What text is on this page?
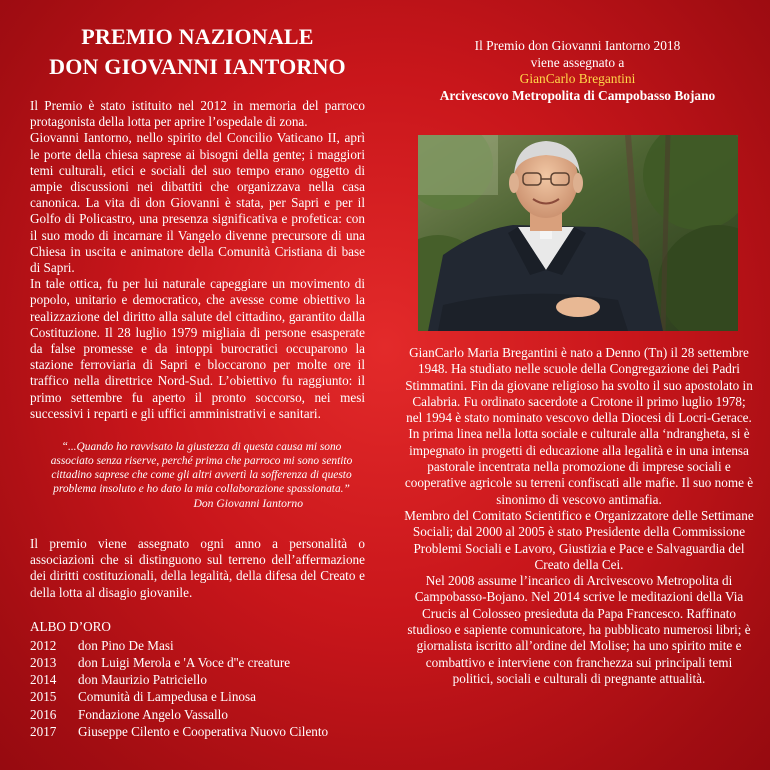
PREMIO NAZIONALE
DON GIOVANNI IANTORNO

Il Premio è stato istituito nel 2012 in memoria del parroco protagonista della lotta per aprire l’ospedale di zona.

Giovanni Iantorno, nello spirito del Concilio Vaticano II, aprì le porte della chiesa saprese ai bisogni della gente; i maggiori temi culturali, etici e sociali del suo tempo erano oggetto di ampie discussioni nei dibattiti che organizzava nella casa canonica. La vita di don Giovanni è stata, per Sapri e per il Golfo di Policastro, una presenza significativa e profetica: con il suo modo di incarnare il Vangelo divenne precursore di una Chiesa in uscita e animatore della Comunità Cristiana di base di Sapri.

In tale ottica, fu per lui naturale capeggiare un movimento di popolo, unitario e democratico, che avesse come obiettivo la realizzazione del diritto alla salute del cittadino, garantito dalla Costituzione. Il 28 luglio 1979 migliaia di persone esasperate da false promesse e da intoppi burocratici occuparono la stazione ferroviaria di Sapri e bloccarono per molte ore il traffico nella direttrice Nord-Sud. L’obiettivo fu raggiunto: il primo settembre fu aperto il pronto soccorso, nei mesi successivi i reparti e gli uffici amministrativi e sanitari.

“...Quando ho ravvisato la giustezza di questa causa mi sono associato senza riserve, perché prima che parroco mi sono sentito cittadino saprese che come gli altri avvertì la sofferenza di questo problema insoluto e ho dato la mia collaborazione spassionata.”
Don Giovanni Iantorno
Il premio viene assegnato ogni anno a personalità o associazioni che si distinguono sul terreno dell’affermazione dei diritti costituzionali, della legalità, della difesa del Creato e della lotta al disagio giovanile.
ALBO D’ORO
2012	don Pino De Masi
2013	don Luigi Merola e 'A Voce d''e creature
2014	don Maurizio Patriciello
2015	Comunità di Lampedusa e Linosa
2016	Fondazione Angelo Vassallo
2017	Giuseppe Cilento e Cooperativa Nuovo Cilento
Il Premio don Giovanni Iantorno 2018
viene assegnato a
GianCarlo Bregantini
Arcivescovo Metropolita di Campobasso Bojano

GianCarlo Maria Bregantini è nato a Denno (Tn) il 28 settembre 1948. Ha studiato nelle scuole della Congregazione dei Padri Stimmatini. Fin da giovane religioso ha svolto il suo apostolato in Calabria. Fu ordinato sacerdote a Crotone il primo luglio 1978; nel 1994 è stato nominato vescovo della Diocesi di Locri-Gerace. In prima linea nella lotta sociale e culturale alla ‘ndrangheta, si è impegnato in progetti di educazione alla legalità e in una intensa pastorale incentrata nella promozione di imprese sociali e cooperative agricole su terreni confiscati alle mafie. Il suo nome è sinonimo di vescovo antimafia.

Membro del Comitato Scientifico e Organizzatore delle Settimane Sociali; dal 2000 al 2005 è stato Presidente della Commissione Problemi Sociali e Lavoro, Giustizia e Pace e Salvaguardia del Creato della Cei.

Nel 2008 assume l’incarico di Arcivescovo Metropolita di Campobasso-Bojano. Nel 2014 scrive le meditazioni della Via Crucis al Colosseo presieduta da Papa Francesco. Raffinato studioso e sapiente comunicatore, ha pubblicato numerosi libri; è giornalista iscritto all’ordine del Molise; ha uno spirito mite e combattivo e interviene con franchezza sui principali temi politici, sociali e culturali di pregnante attualità.
